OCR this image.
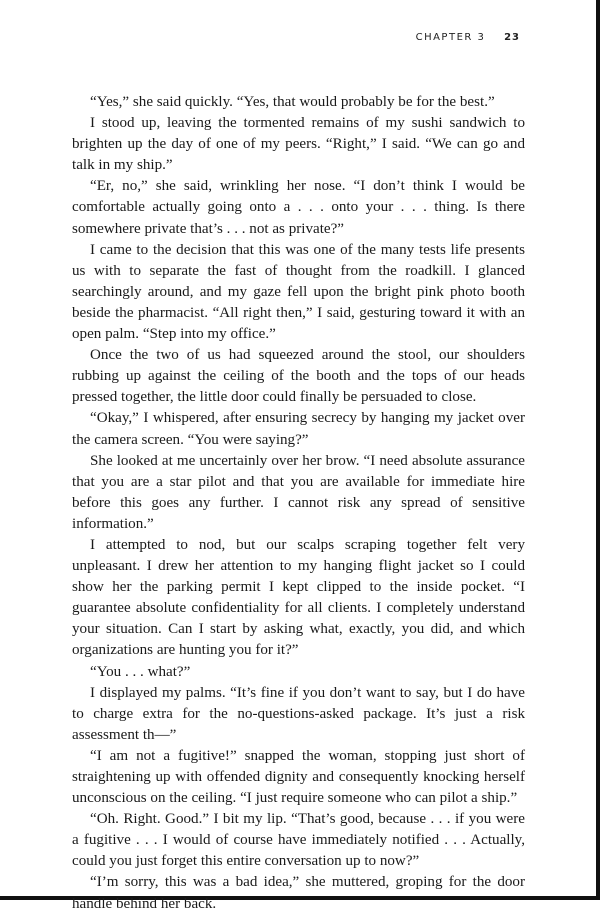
CHAPTER 3 23

“Yes,” she said quickly. “Yes, that would probably be for the best.”

I stood up, leaving the tormented remains of my sushi sandwich to brighten up the day of one of my peers. “Right,” I said. “We can go and talk in my ship.”

“Er, no,” she said, wrinkling her nose. “I don’t think I would be comfortable actually going onto a . . . onto your . . . thing. Is there somewhere private that’s . . . not as private?”

I came to the decision that this was one of the many tests life presents us with to separate the fast of thought from the roadkill. I glanced searchingly around, and my gaze fell upon the bright pink photo booth beside the pharmacist. “All right then,” I said, gesturing toward it with an open palm. “Step into my office.”

Once the two of us had squeezed around the stool, our shoulders rubbing up against the ceiling of the booth and the tops of our heads pressed together, the little door could finally be persuaded to close.

“Okay,” I whispered, after ensuring secrecy by hanging my jacket over the camera screen. “You were saying?”

She looked at me uncertainly over her brow. “I need absolute assurance that you are a star pilot and that you are available for immediate hire before this goes any further. I cannot risk any spread of sensitive information.”

I attempted to nod, but our scalps scraping together felt very unpleasant. I drew her attention to my hanging flight jacket so I could show her the parking permit I kept clipped to the inside pocket. “I guarantee absolute confidentiality for all clients. I completely understand your situation. Can I start by asking what, exactly, you did, and which organizations are hunting you for it?”

“You . . . what?”

I displayed my palms. “It’s fine if you don’t want to say, but I do have to charge extra for the no-questions-asked package. It’s just a risk assessment th—”

“I am not a fugitive!” snapped the woman, stopping just short of straightening up with offended dignity and consequently knocking herself unconscious on the ceiling. “I just require someone who can pilot a ship.”

“Oh. Right. Good.” I bit my lip. “That’s good, because . . . if you were a fugitive . . . I would of course have immediately notified . . . Actually, could you just forget this entire conversation up to now?”

“I’m sorry, this was a bad idea,” she muttered, groping for the door handle behind her back.
